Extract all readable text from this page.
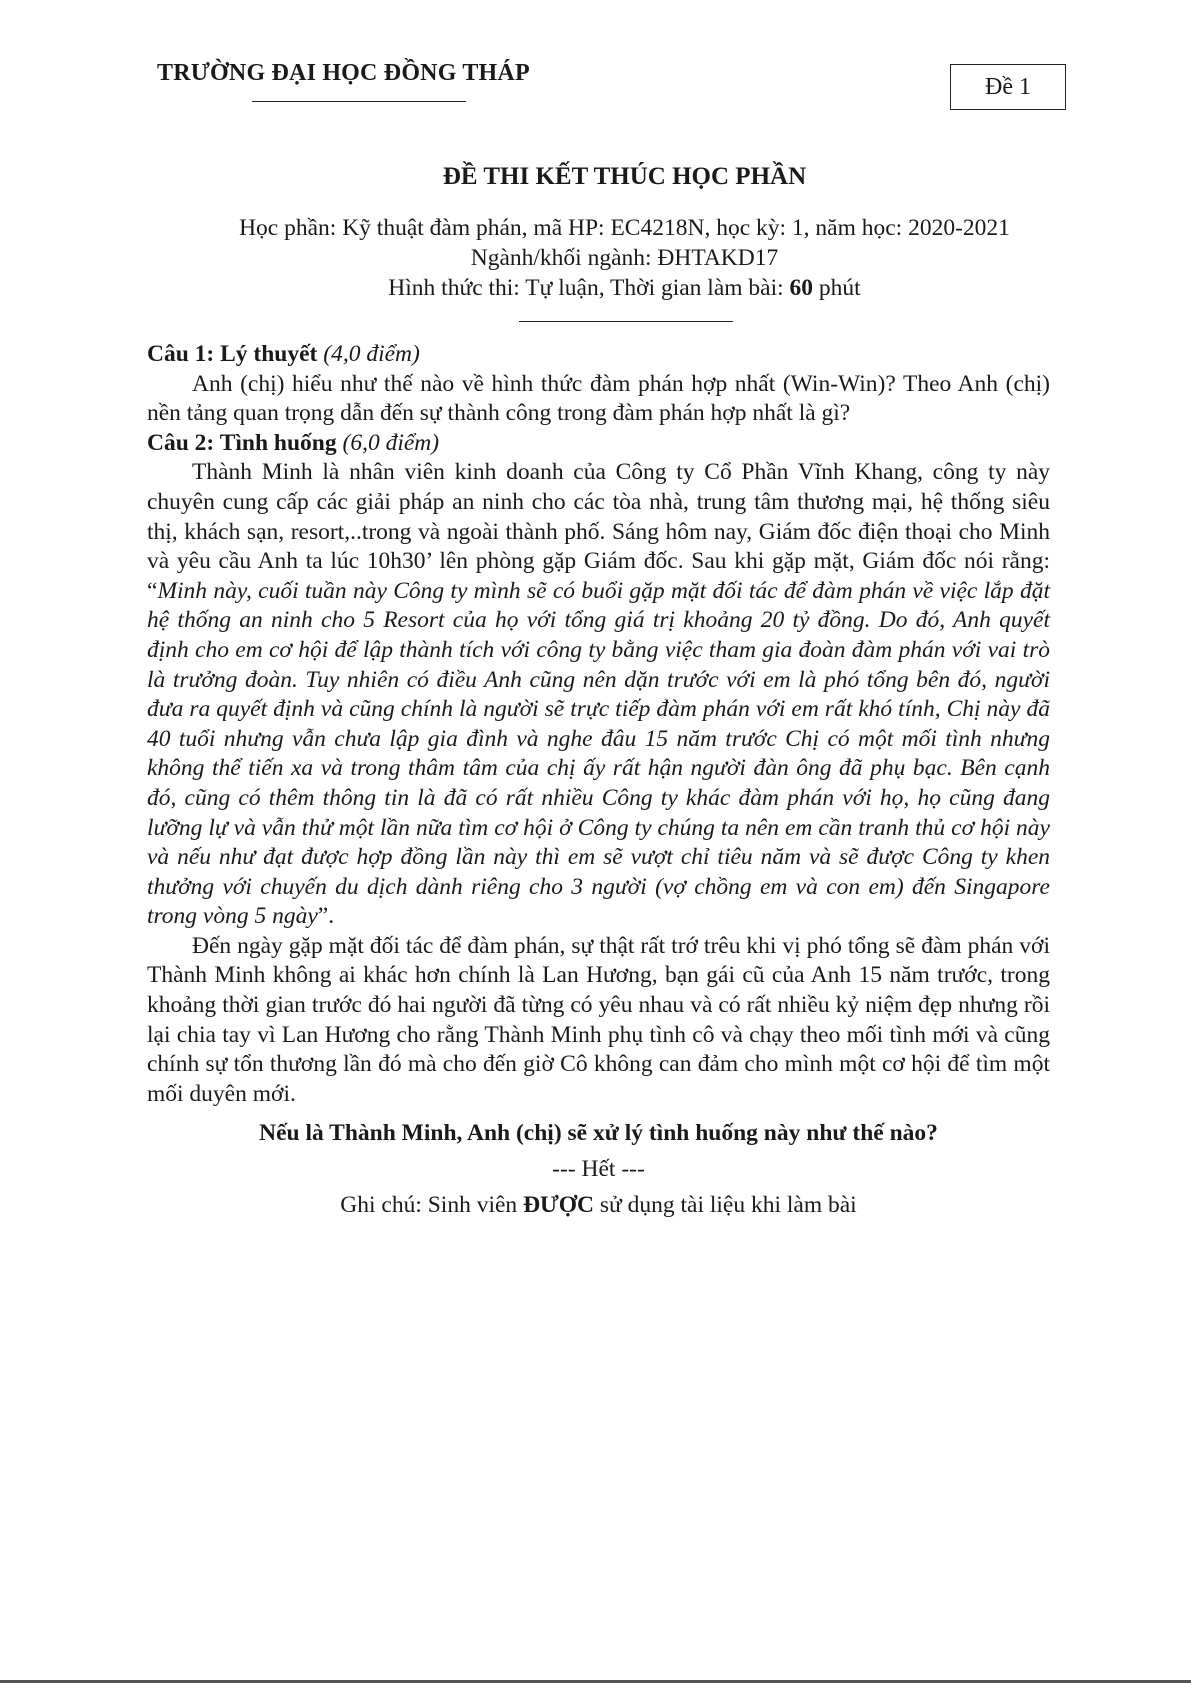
TRƯỜNG ĐẠI HỌC ĐỒNG THÁP
Đề 1
ĐỀ THI KẾT THÚC HỌC PHẦN
Học phần: Kỹ thuật đàm phán, mã HP: EC4218N, học kỳ: 1, năm học: 2020-2021
Ngành/khối ngành: ĐHTAKD17
Hình thức thi: Tự luận, Thời gian làm bài: 60 phút

Câu 1: Lý thuyết (4,0 điểm)

Anh (chị) hiểu như thế nào về hình thức đàm phán hợp nhất (Win-Win)? Theo Anh (chị) nền tảng quan trọng dẫn đến sự thành công trong đàm phán hợp nhất là gì?

Câu 2: Tình huống (6,0 điểm)

Thành Minh là nhân viên kinh doanh của Công ty Cổ Phần Vĩnh Khang, công ty này chuyên cung cấp các giải pháp an ninh cho các tòa nhà, trung tâm thương mại, hệ thống siêu thị, khách sạn, resort,..trong và ngoài thành phố. Sáng hôm nay, Giám đốc điện thoại cho Minh và yêu cầu Anh ta lúc 10h30’ lên phòng gặp Giám đốc. Sau khi gặp mặt, Giám đốc nói rằng: “Minh này, cuối tuần này Công ty mình sẽ có buổi gặp mặt đối tác để đàm phán về việc lắp đặt hệ thống an ninh cho 5 Resort của họ với tổng giá trị khoảng 20 tỷ đồng. Do đó, Anh quyết định cho em cơ hội để lập thành tích với công ty bằng việc tham gia đoàn đàm phán với vai trò là trưởng đoàn. Tuy nhiên có điều Anh cũng nên dặn trước với em là phó tổng bên đó, người đưa ra quyết định và cũng chính là người sẽ trực tiếp đàm phán với em rất khó tính, Chị này đã 40 tuổi nhưng vẫn chưa lập gia đình và nghe đâu 15 năm trước Chị có một mối tình nhưng không thể tiến xa và trong thâm tâm của chị ấy rất hận người đàn ông đã phụ bạc. Bên cạnh đó, cũng có thêm thông tin là đã có rất nhiều Công ty khác đàm phán với họ, họ cũng đang lưỡng lự và vẫn thử một lần nữa tìm cơ hội ở Công ty chúng ta nên em cần tranh thủ cơ hội này và nếu như đạt được hợp đồng lần này thì em sẽ vượt chỉ tiêu năm và sẽ được Công ty khen thưởng với chuyến du dịch dành riêng cho 3 người (vợ chồng em và con em) đến Singapore trong vòng 5 ngày”.

Đến ngày gặp mặt đối tác để đàm phán, sự thật rất trớ trêu khi vị phó tổng sẽ đàm phán với Thành Minh không ai khác hơn chính là Lan Hương, bạn gái cũ của Anh 15 năm trước, trong khoảng thời gian trước đó hai người đã từng có yêu nhau và có rất nhiều kỷ niệm đẹp nhưng rồi lại chia tay vì Lan Hương cho rằng Thành Minh phụ tình cô và chạy theo mối tình mới và cũng chính sự tổn thương lần đó mà cho đến giờ Cô không can đảm cho mình một cơ hội để tìm một mối duyên mới.

Nếu là Thành Minh, Anh (chị) sẽ xử lý tình huống này như thế nào?

--- Hết ---

Ghi chú: Sinh viên ĐƯỢC sử dụng tài liệu khi làm bài
